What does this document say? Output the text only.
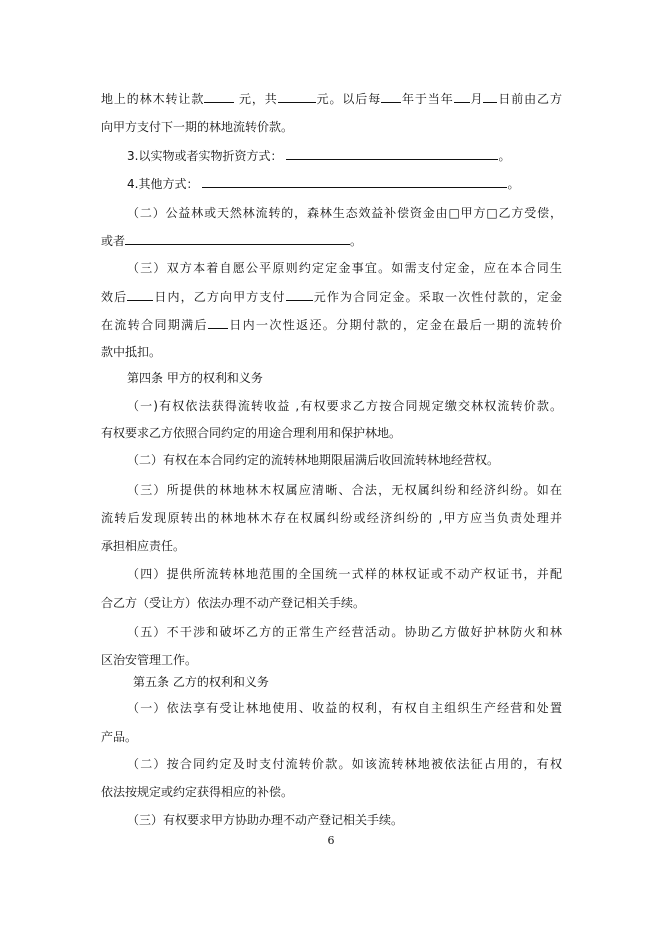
地上的林木转让款	元，共	元。以后每 年于当年 月 日前由乙方
向甲方支付下一期的林地流转价款。
3.以实物或者实物折资方式：	。
4.其他方式：	。
（二）公益林或天然林流转的，森林生态效益补偿资金由□甲方□乙方受偿，
或者	。
（三）双方本着自愿公平原则约定定金事宜。如需支付定金，应在本合同生
效后 日内，乙方向甲方支付 元作为合同定金。采取一次性付款的，定金
在流转合同期满后 日内一次性返还。分期付款的，定金在最后一期的流转价
款中抵扣。
第四条 甲方的权利和义务
（一)有权依法获得流转收益 ,有权要求乙方按合同规定缴交林权流转价款。
有权要求乙方依照合同约定的用途合理利用和保护林地。
（二）有权在本合同约定的流转林地期限届满后收回流转林地经营权。
（三）所提供的林地林木权属应清晰、合法，无权属纠纷和经济纠纷。如在
流转后发现原转出的林地林木存在权属纠纷或经济纠纷的 ,甲方应当负责处理并
承担相应责任。
（四）提供所流转林地范围的全国统一式样的林权证或不动产权证书，并配
合乙方（受让方）依法办理不动产登记相关手续。
（五）不干涉和破坏乙方的正常生产经营活动。协助乙方做好护林防火和林
区治安管理工作。
第五条 乙方的权利和义务
（一）依法享有受让林地使用、收益的权利，有权自主组织生产经营和处置
产品。
（二）按合同约定及时支付流转价款。如该流转林地被依法征占用的，有权
依法按规定或约定获得相应的补偿。
（三）有权要求甲方协助办理不动产登记相关手续。
6
